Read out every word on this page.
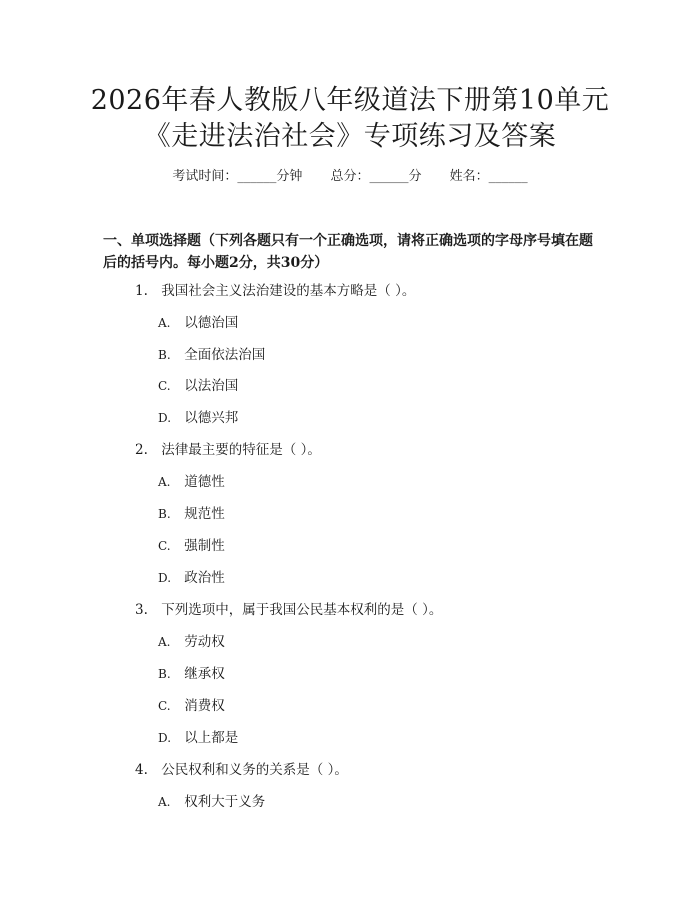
2026年春人教版八年级道法下册第10单元
《走进法治社会》专项练习及答案
考试时间：______分钟 总分：______分 姓名：______
一、单项选择题（下列各题只有一个正确选项，请将正确选项的字母序号填在题后的括号内。每小题2分，共30分）
1. 我国社会主义法治建设的基本方略是（ ）。
A. 以德治国
B. 全面依法治国
C. 以法治国
D. 以德兴邦
2. 法律最主要的特征是（ ）。
A. 道德性
B. 规范性
C. 强制性
D. 政治性
3. 下列选项中，属于我国公民基本权利的是（ ）。
A. 劳动权
B. 继承权
C. 消费权
D. 以上都是
4. 公民权利和义务的关系是（ ）。
A. 权利大于义务
